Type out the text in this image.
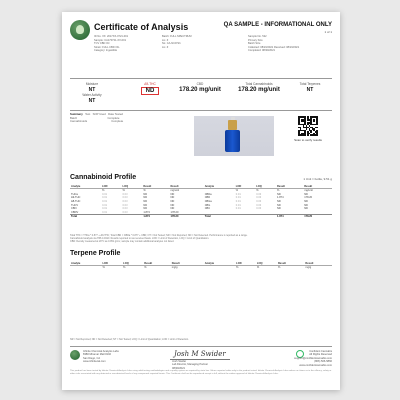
Certificate of Analysis	QA SAMPLE - INFORMATIONAL ONLY
1 of 1
ID No. XX: 2017XX-0721-001
Sample: CA170721-XX-001
TCV CBD Oil
Strain: FULL CBD OIL
Category: Ingestible
Batch: FULL SPECTRUM
Lic. #
NL: CA-NC9721
Lic. #
Sample No. 522
Primary Size
Batch Size
Collected: 08/23/2021 Received: 08/23/2021
Completed: 08/30/2021
Moisture
NT
Water Activity
NT
Δ9-THC
ND
CBD
178.20 mg/unit
Total Cannabinoids
178.20 mg/unit
Total Terpenes
NT
Summary Test SOP Used Date Tested
Batch	Complete
Cannabinoids	Complete
Scan to verify results
Cannabinoid Profile	1 Unit = bottle, 9.51 g
Analyte	LOD	LOQ	Result	Result		Analyte	LOD	LOQ	Result	Result
	%	%	%	mg/unit			%	%	%	mg/unit
THCa	0.01	0.03	ND	ND		CBDa	0.01	0.03	ND	ND
Δ9-THC	0.01	0.03	ND	ND		CBD	0.01	0.03	1.874	178.20
Δ8-THC	0.01	0.03	ND	ND		CBGa	0.01	0.03	ND	ND
THCV	0.01	0.03	ND	ND		CBG	0.01	0.03	ND	ND
CBN	0.01	0.03	ND	ND		CBC	0.01	0.03	ND	ND
CBDV	0.01	0.03	1.874	178.20						
Total			1.874	178.20		Total			1.874	178.20
Total THC = THCa * 0.877 + Δ9-THC; Total CBD = CBDa * 0.877 + CBD; NT = Not Tested; NR = Not Reported; ND = Not Detected. Performance is reported as a range.
Cannabinoid analysis via HPLC-DAD. Results reported on as received basis. LOD = Limit of Detection, LOQ = Limit of Quantitation.
CBD: Density measured at 20°C as 0.951 g/mL; sample may contain additional analytes not listed.
Terpene Profile
Analyte	LOD	LOQ	Result	Result		Analyte	LOD	LOQ	Result	Result
	%	%	%	mg/g			%	%	%	mg/g
NR = Not Reported; ND = Not Detected; NT = Not Tested; LOQ = Limit of Quantitation; LOD = Limit of Detection.
Infinite Chemical Analysis Labs
8380 Miramar Mall #102
San Diego, CA
www.infinitecal.com
Josh M Swider
Josh Swider
Lab Director, Managing Partner
08/30/2021
Confident Cannabis
All Rights Reserved
support@confidentcannabis.com
(866) 506-5866
www.confidentcannabis.com
This product has been tested by Infinite Chemical Analysis Labs using valid testing methodologies and a quality system as required by state law. Values reported relate only to the product tested. Infinite Chemical Analysis Labs makes no claims as to the efficacy, safety or other risks associated with any detected or non-detected levels of any compounds reported herein. This Certificate shall not be reproduced except in full, without the written approval of Infinite Chemical Analysis Labs.
